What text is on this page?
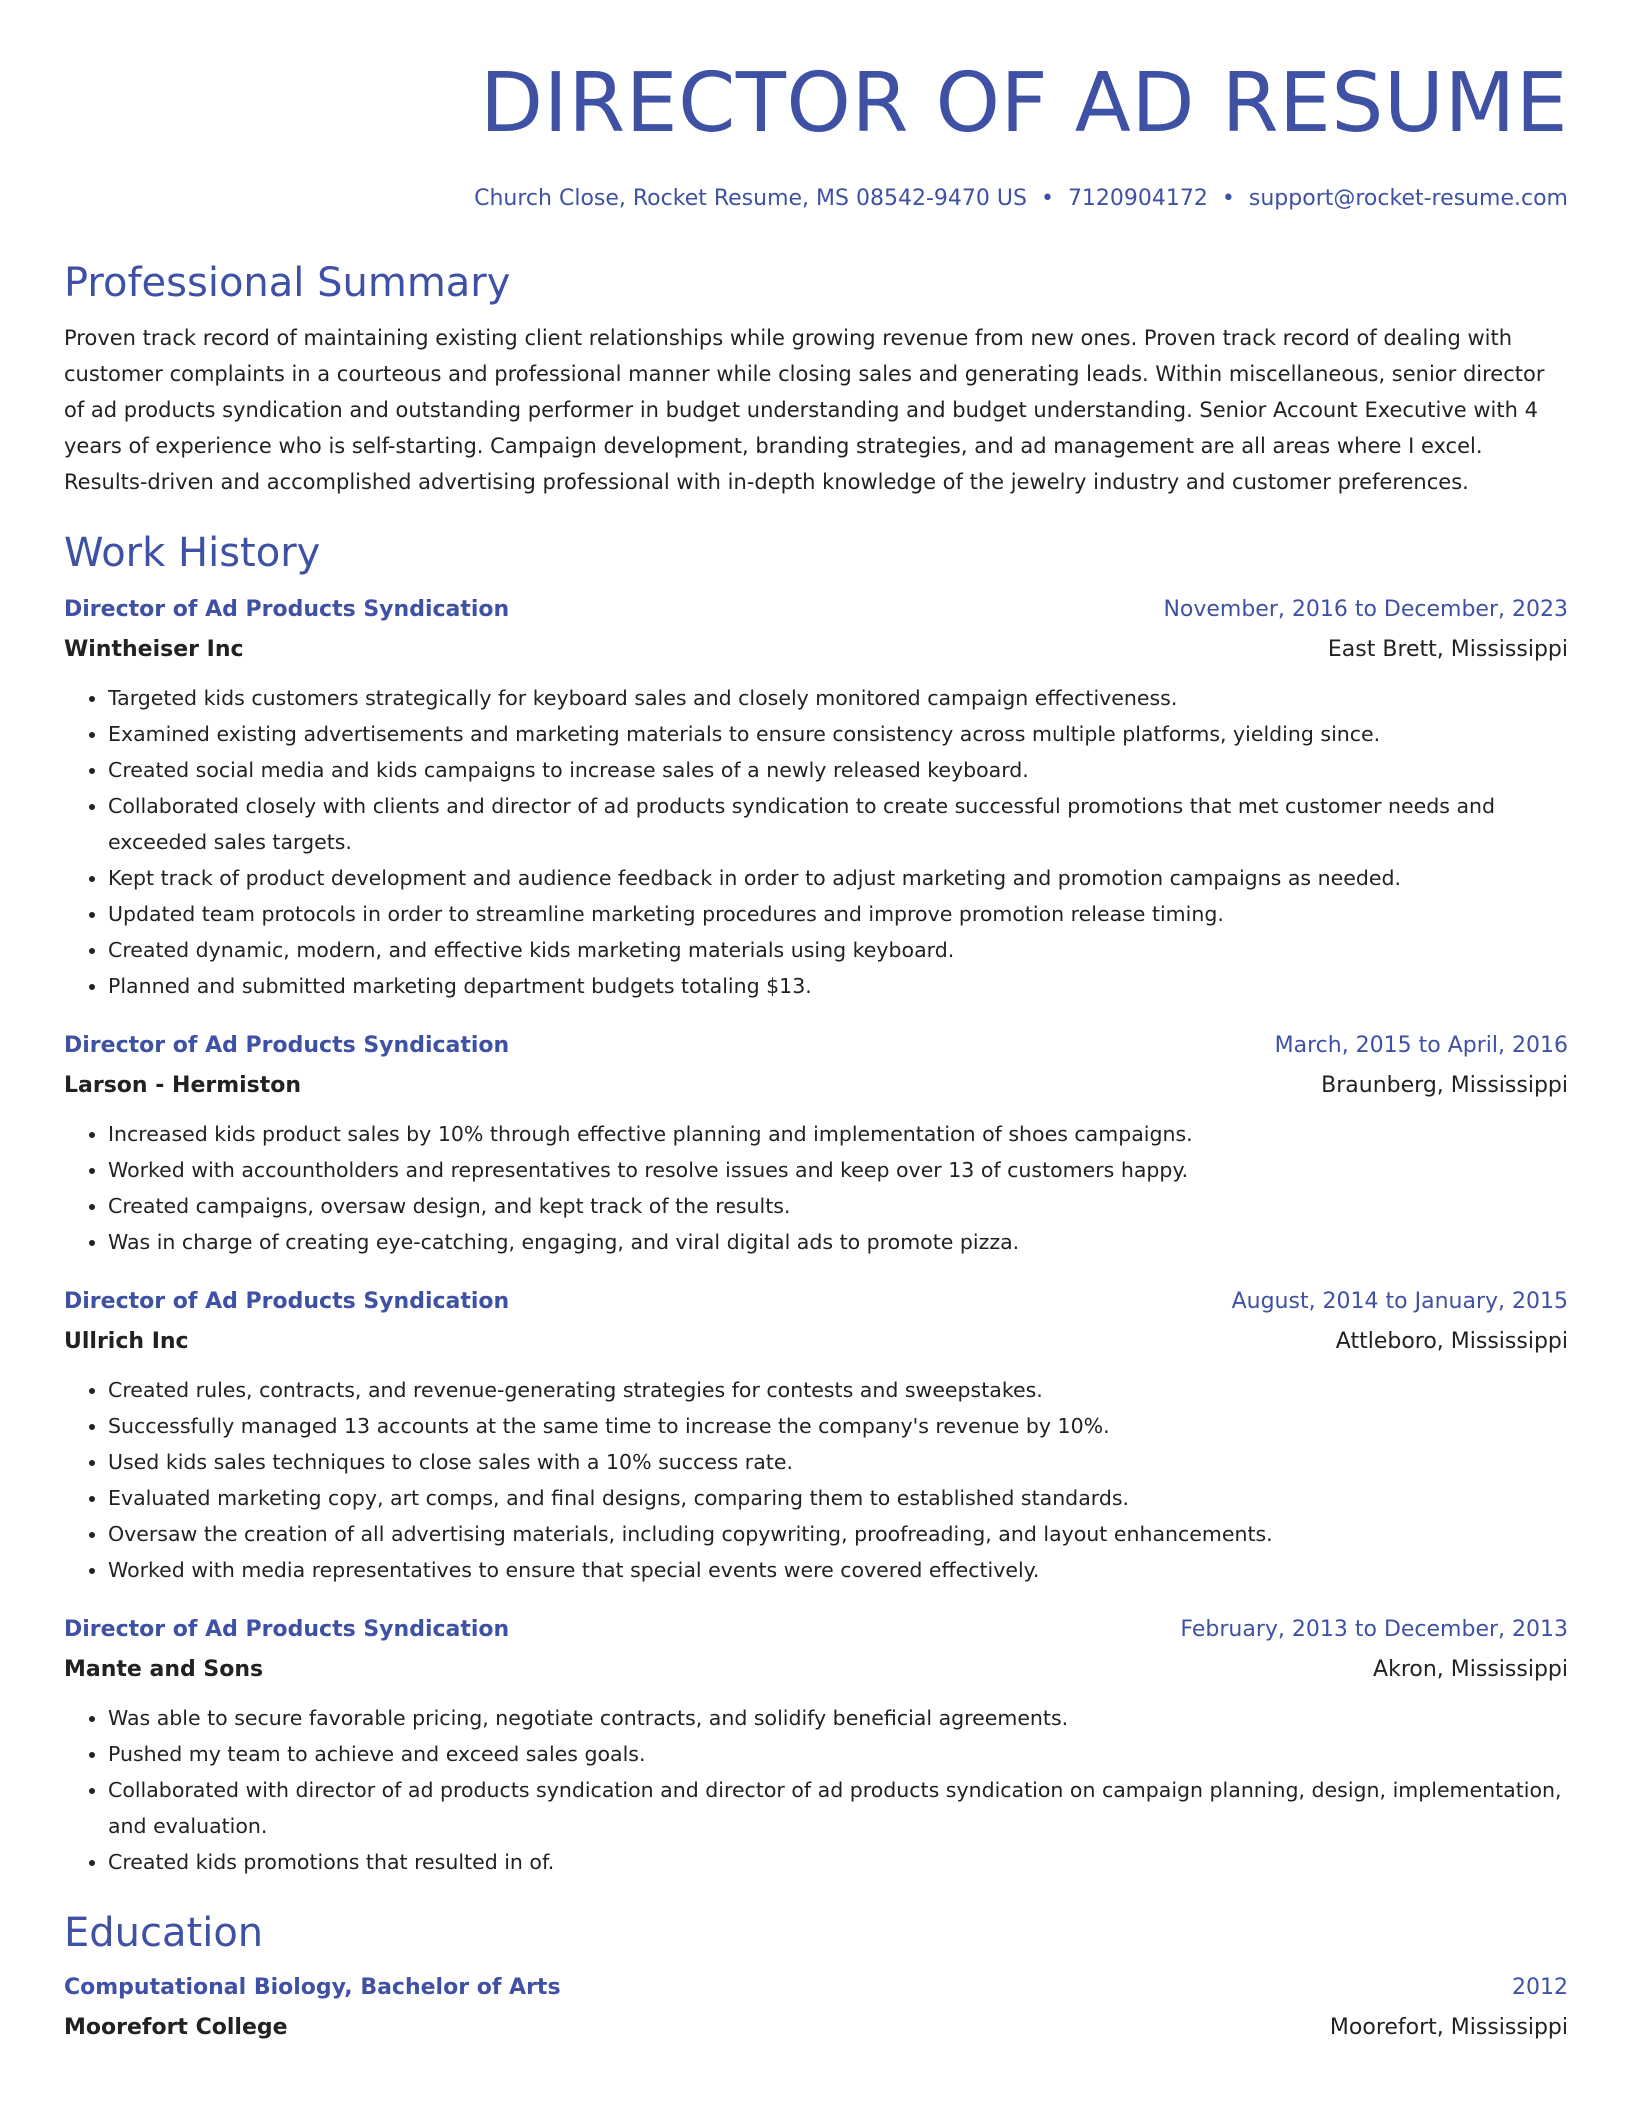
DIRECTOR OF AD RESUME
Church Close, Rocket Resume, MS 08542-9470 US • 7120904172 • support@rocket-resume.com
Professional Summary
Proven track record of maintaining existing client relationships while growing revenue from new ones. Proven track record of dealing with customer complaints in a courteous and professional manner while closing sales and generating leads. Within miscellaneous, senior director of ad products syndication and outstanding performer in budget understanding and budget understanding. Senior Account Executive with 4 years of experience who is self-starting. Campaign development, branding strategies, and ad management are all areas where I excel. Results-driven and accomplished advertising professional with in-depth knowledge of the jewelry industry and customer preferences.
Work History
Director of Ad Products Syndication	November, 2016 to December, 2023
Wintheiser Inc	East Brett, Mississippi
• Targeted kids customers strategically for keyboard sales and closely monitored campaign effectiveness.
• Examined existing advertisements and marketing materials to ensure consistency across multiple platforms, yielding since.
• Created social media and kids campaigns to increase sales of a newly released keyboard.
• Collaborated closely with clients and director of ad products syndication to create successful promotions that met customer needs and exceeded sales targets.
• Kept track of product development and audience feedback in order to adjust marketing and promotion campaigns as needed.
• Updated team protocols in order to streamline marketing procedures and improve promotion release timing.
• Created dynamic, modern, and effective kids marketing materials using keyboard.
• Planned and submitted marketing department budgets totaling $13.
Director of Ad Products Syndication	March, 2015 to April, 2016
Larson - Hermiston	Braunberg, Mississippi
• Increased kids product sales by 10% through effective planning and implementation of shoes campaigns.
• Worked with accountholders and representatives to resolve issues and keep over 13 of customers happy.
• Created campaigns, oversaw design, and kept track of the results.
• Was in charge of creating eye-catching, engaging, and viral digital ads to promote pizza.
Director of Ad Products Syndication	August, 2014 to January, 2015
Ullrich Inc	Attleboro, Mississippi
• Created rules, contracts, and revenue-generating strategies for contests and sweepstakes.
• Successfully managed 13 accounts at the same time to increase the company's revenue by 10%.
• Used kids sales techniques to close sales with a 10% success rate.
• Evaluated marketing copy, art comps, and final designs, comparing them to established standards.
• Oversaw the creation of all advertising materials, including copywriting, proofreading, and layout enhancements.
• Worked with media representatives to ensure that special events were covered effectively.
Director of Ad Products Syndication	February, 2013 to December, 2013
Mante and Sons	Akron, Mississippi
• Was able to secure favorable pricing, negotiate contracts, and solidify beneficial agreements.
• Pushed my team to achieve and exceed sales goals.
• Collaborated with director of ad products syndication and director of ad products syndication on campaign planning, design, implementation, and evaluation.
• Created kids promotions that resulted in of.
Education
Computational Biology, Bachelor of Arts	2012
Moorefort College	Moorefort, Mississippi
